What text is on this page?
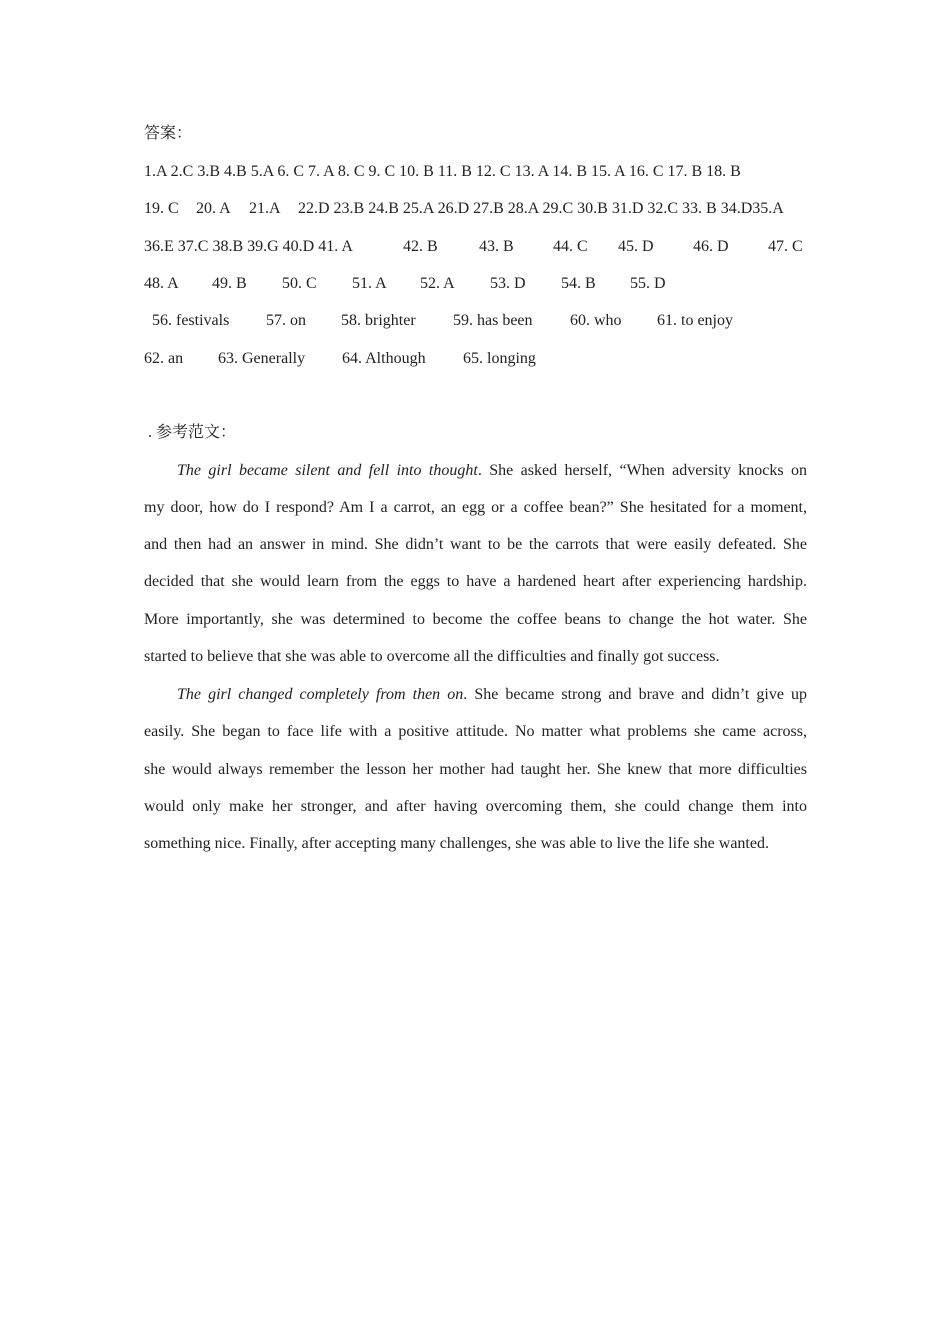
答案：
1.A 2.C 3.B 4.B 5.A 6. C 7. A 8. C 9. C 10. B 11. B 12. C 13. A 14. B 15. A 16. C 17. B 18. B
19. C 20. A 21.A 22.D 23.B 24.B 25.A 26.D 27.B 28.A 29.C 30.B 31.D 32.C 33. B 34.D35.A
36.E 37.C 38.B 39.G 40.D 41. A	42. B	43. B 44. C 45. D 46. D 47. C
48. A 49. B 50. C 51. A 52. A 53. D 54. B 55. D
56. festivals 57. on 58. brighter 59. has been 60. who 61. to enjoy
62. an 63. Generally 64. Although 65. longing
. 参考范文：
The girl became silent and fell into thought. She asked herself, “When adversity knocks on
my door, how do I respond? Am I a carrot, an egg or a coffee bean?” She hesitated for a moment,
and then had an answer in mind. She didn’t want to be the carrots that were easily defeated. She
decided that she would learn from the eggs to have a hardened heart after experiencing hardship.
More importantly, she was determined to become the coffee beans to change the hot water. She
started to believe that she was able to overcome all the difficulties and finally got success.
The girl changed completely from then on. She became strong and brave and didn’t give up
easily. She began to face life with a positive attitude. No matter what problems she came across,
she would always remember the lesson her mother had taught her. She knew that more difficulties
would only make her stronger, and after having overcoming them, she could change them into
something nice. Finally, after accepting many challenges, she was able to live the life she wanted.
